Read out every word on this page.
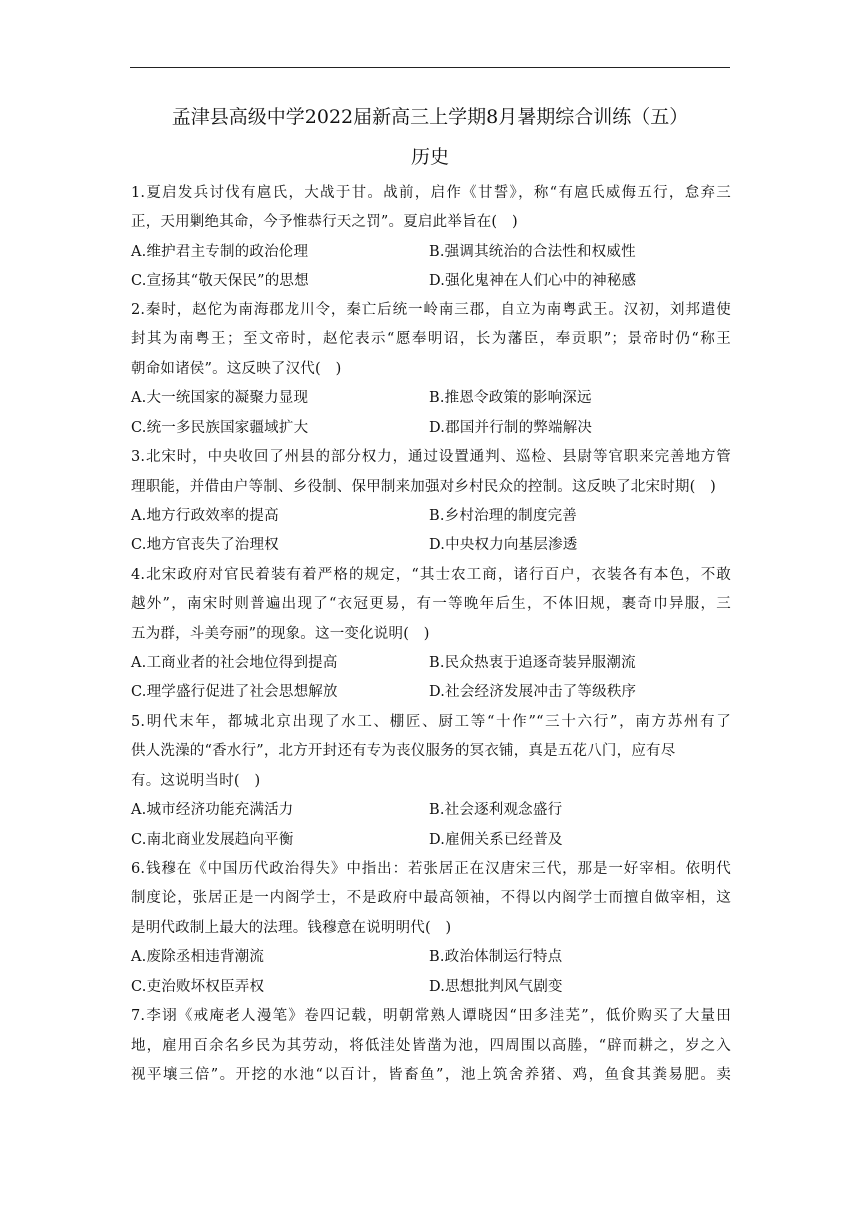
孟津县高级中学2022届新高三上学期8月暑期综合训练（五）
历史
1.夏启发兵讨伐有扈氏，大战于甘。战前，启作《甘誓》，称“有扈氏威侮五行，怠弃三
正，天用剿绝其命，今予惟恭行天之罚”。夏启此举旨在(　)
A.维护君主专制的政治伦理	B.强调其统治的合法性和权威性
C.宣扬其“敬天保民”的思想	D.强化鬼神在人们心中的神秘感
2.秦时，赵佗为南海郡龙川令，秦亡后统一岭南三郡，自立为南粤武王。汉初，刘邦遣使
封其为南粤王；至文帝时，赵佗表示“愿奉明诏，长为藩臣，奉贡职”；景帝时仍“称王
朝命如诸侯”。这反映了汉代(　)
A.大一统国家的凝聚力显现	B.推恩令政策的影响深远
C.统一多民族国家疆域扩大	D.郡国并行制的弊端解决
3.北宋时，中央收回了州县的部分权力，通过设置通判、巡检、县尉等官职来完善地方管
理职能，并借由户等制、乡役制、保甲制来加强对乡村民众的控制。这反映了北宋时期(　)
A.地方行政效率的提高	B.乡村治理的制度完善
C.地方官丧失了治理权	D.中央权力向基层渗透
4.北宋政府对官民着装有着严格的规定，“其士农工商，诸行百户，衣装各有本色，不敢
越外”，南宋时则普遍出现了“衣冠更易，有一等晚年后生，不体旧规，裹奇巾异服，三
五为群，斗美夸丽”的现象。这一变化说明(　)
A.工商业者的社会地位得到提高	B.民众热衷于追逐奇装异服潮流
C.理学盛行促进了社会思想解放	D.社会经济发展冲击了等级秩序
5.明代末年，都城北京出现了水工、棚匠、厨工等“十作”“三十六行”，南方苏州有了
供人洗澡的“香水行”，北方开封还有专为丧仪服务的冥衣铺，真是五花八门，应有尽
有。这说明当时(　)
A.城市经济功能充满活力	B.社会逐利观念盛行
C.南北商业发展趋向平衡	D.雇佣关系已经普及
6.钱穆在《中国历代政治得失》中指出：若张居正在汉唐宋三代，那是一好宰相。依明代
制度论，张居正是一内阁学士，不是政府中最高领袖，不得以内阁学士而擅自做宰相，这
是明代政制上最大的法理。钱穆意在说明明代(　)
A.废除丞相违背潮流	B.政治体制运行特点
C.吏治败坏权臣弄权	D.思想批判风气剧变
7.李诩《戒庵老人漫笔》卷四记载，明朝常熟人谭晓因“田多洼芜”，低价购买了大量田
地，雇用百余名乡民为其劳动，将低洼处皆凿为池，四周围以高塍，“辟而耕之，岁之入
视平壤三倍”。开挖的水池“以百计，皆畜鱼”，池上筑舍养猪、鸡，鱼食其粪易肥。卖
